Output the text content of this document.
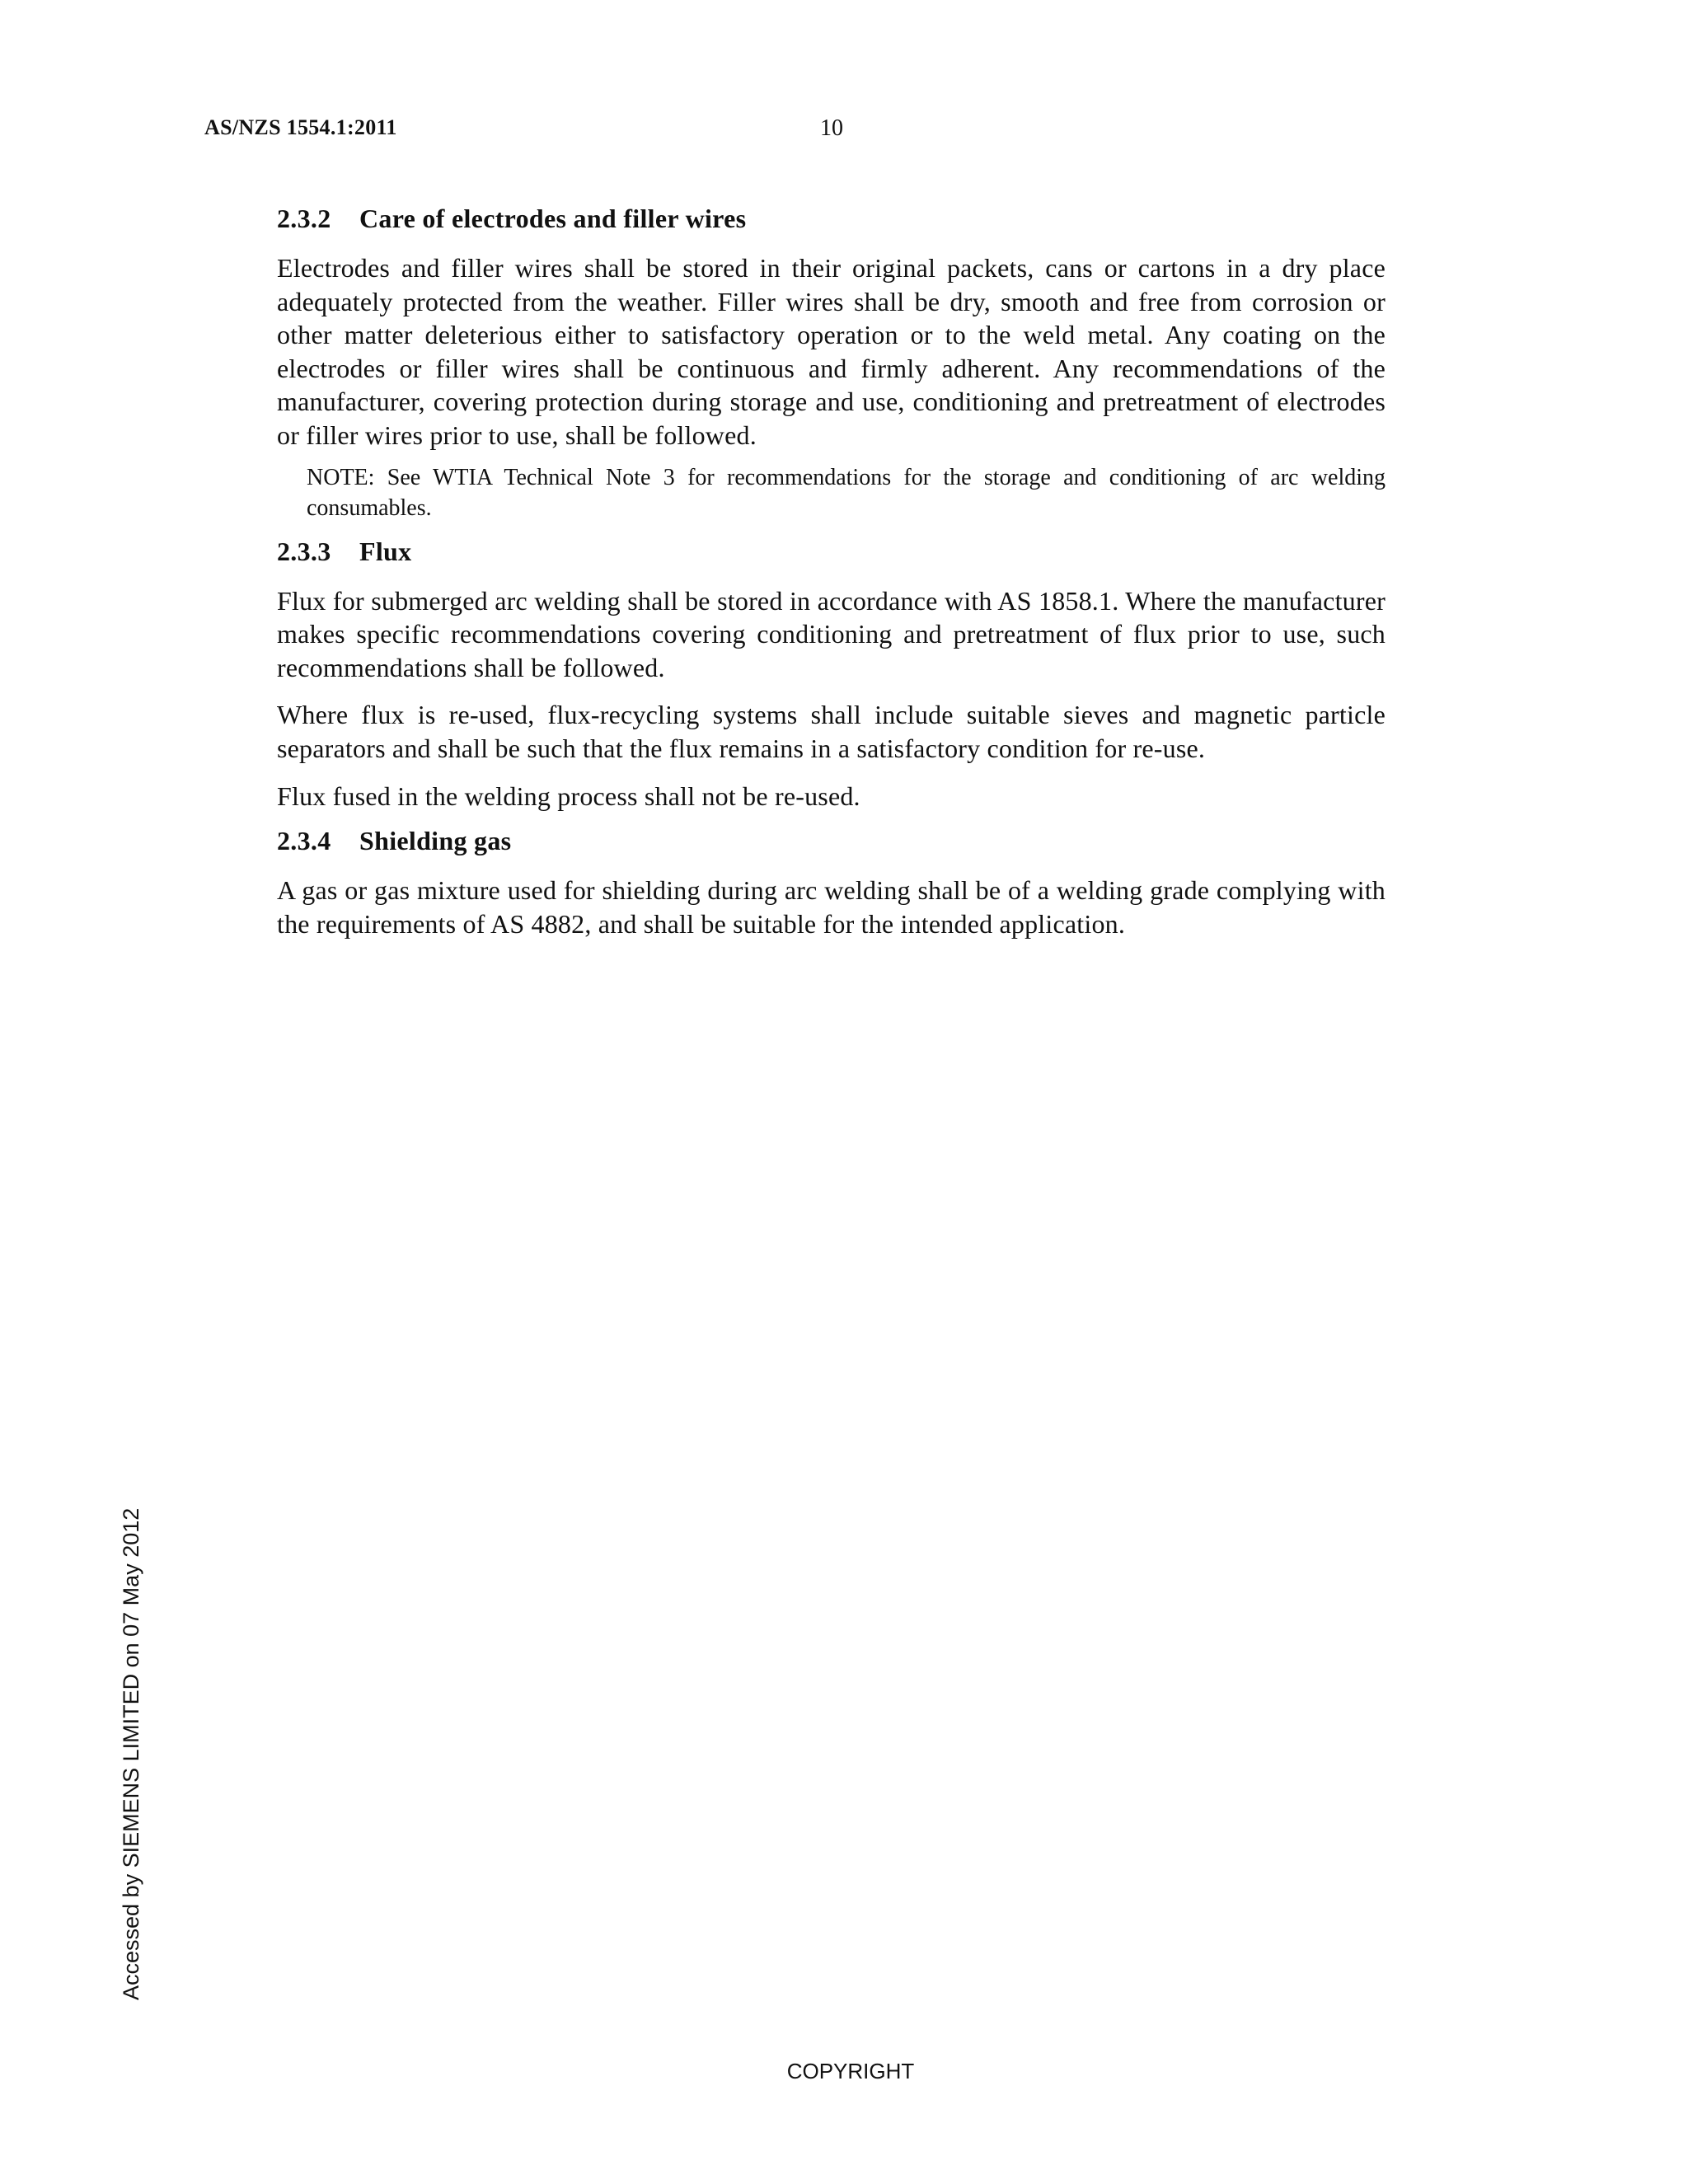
AS/NZS 1554.1:2011	10
2.3.2 Care of electrodes and filler wires

Electrodes and filler wires shall be stored in their original packets, cans or cartons in a dry place adequately protected from the weather. Filler wires shall be dry, smooth and free from corrosion or other matter deleterious either to satisfactory operation or to the weld metal. Any coating on the electrodes or filler wires shall be continuous and firmly adherent. Any recommendations of the manufacturer, covering protection during storage and use, conditioning and pretreatment of electrodes or filler wires prior to use, shall be followed.

NOTE: See WTIA Technical Note 3 for recommendations for the storage and conditioning of arc welding consumables.

2.3.3 Flux

Flux for submerged arc welding shall be stored in accordance with AS 1858.1. Where the manufacturer makes specific recommendations covering conditioning and pretreatment of flux prior to use, such recommendations shall be followed.

Where flux is re-used, flux-recycling systems shall include suitable sieves and magnetic particle separators and shall be such that the flux remains in a satisfactory condition for re-use.

Flux fused in the welding process shall not be re-used.

2.3.4 Shielding gas

A gas or gas mixture used for shielding during arc welding shall be of a welding grade complying with the requirements of AS 4882, and shall be suitable for the intended application.

Accessed by SIEMENS LIMITED on 07 May 2012
COPYRIGHT
